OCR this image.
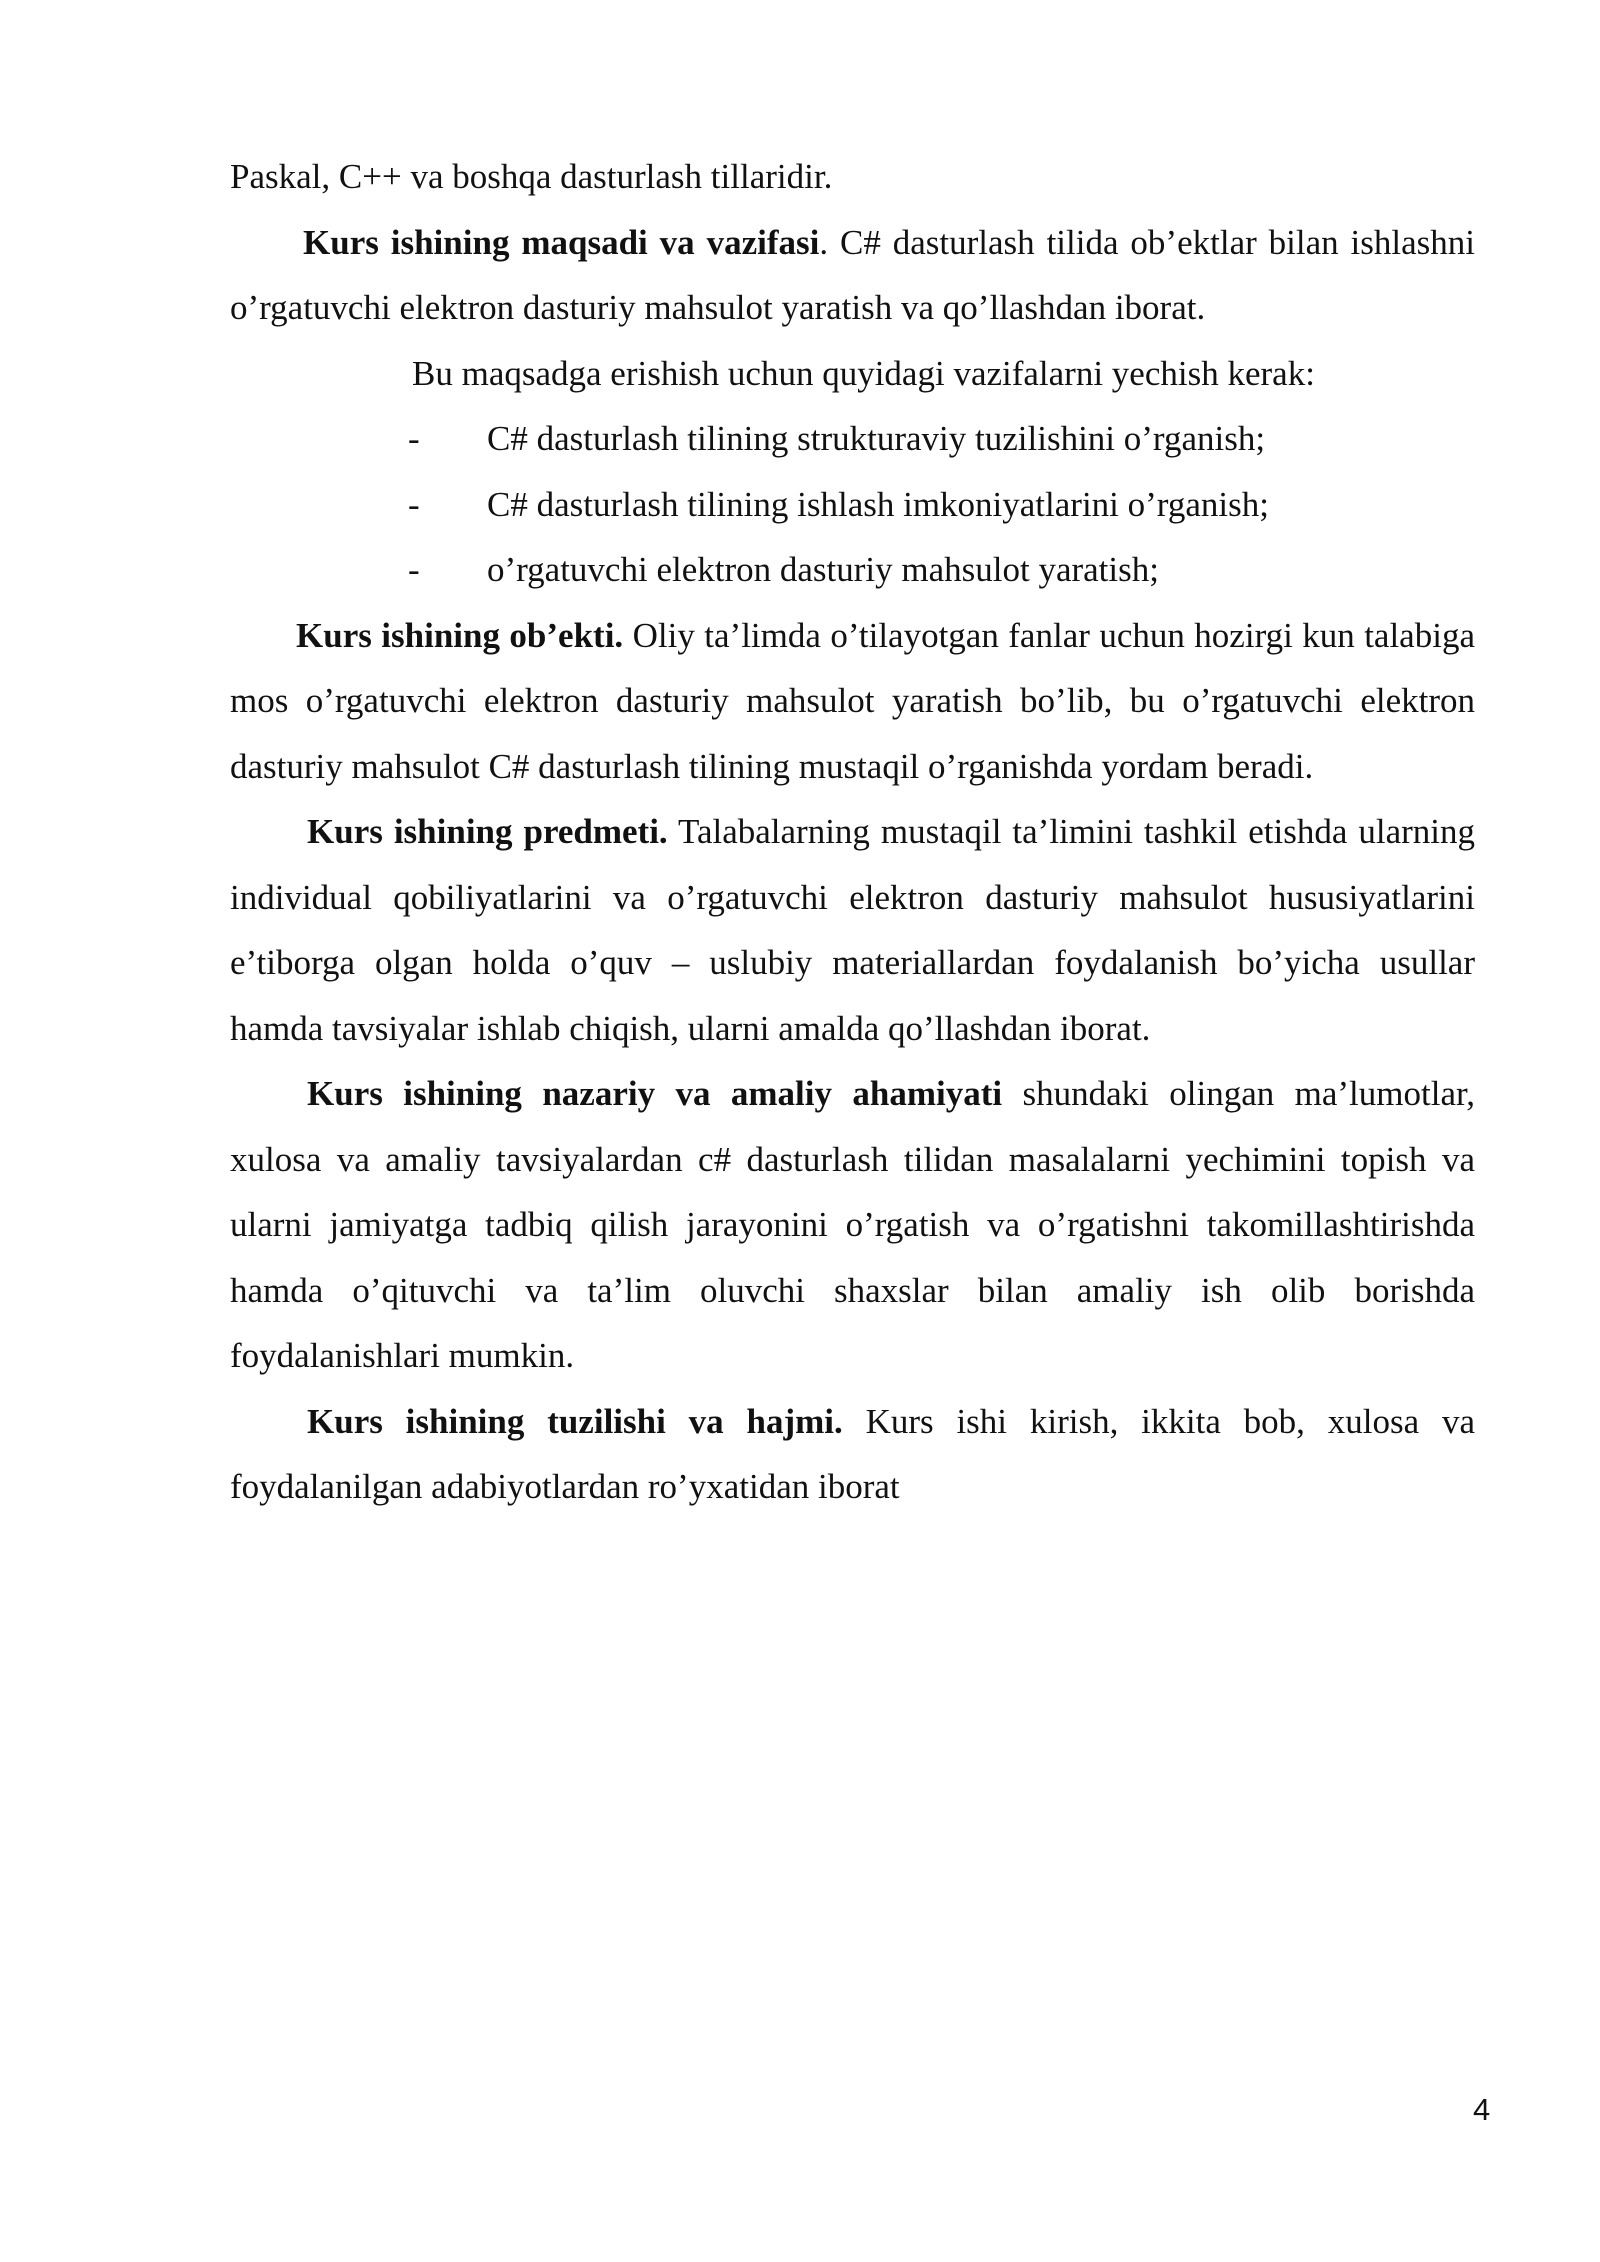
Paskal, C++ va boshqa dasturlash tillaridir.

Kurs ishining maqsadi va vazifasi. C# dasturlash tilida ob’ektlar bilan ishlashni o’rgatuvchi elektron dasturiy mahsulot yaratish va qo’llashdan iborat.

Bu maqsadga erishish uchun quyidagi vazifalarni yechish kerak:

- C# dasturlash tilining strukturaviy tuzilishini o’rganish;
- C# dasturlash tilining ishlash imkoniyatlarini o’rganish;
- o’rgatuvchi elektron dasturiy mahsulot yaratish;

Kurs ishining ob’ekti. Oliy ta’limda o’tilayotgan fanlar uchun hozirgi kun talabiga mos o’rgatuvchi elektron dasturiy mahsulot yaratish bo’lib, bu o’rgatuvchi elektron dasturiy mahsulot C# dasturlash tilining mustaqil o’rganishda yordam beradi.

Kurs ishining predmeti. Talabalarning mustaqil ta’limini tashkil etishda ularning individual qobiliyatlarini va o’rgatuvchi elektron dasturiy mahsulot hususiyatlarini e’tiborga olgan holda o’quv – uslubiy materiallardan foydalanish bo’yicha usullar hamda tavsiyalar ishlab chiqish, ularni amalda qo’llashdan iborat.

Kurs ishining nazariy va amaliy ahamiyati shundaki olingan ma’lumotlar, xulosa va amaliy tavsiyalardan c# dasturlash tilidan masalalarni yechimini topish va ularni jamiyatga tadbiq qilish jarayonini o’rgatish va o’rgatishni takomillashtirishda hamda o’qituvchi va ta’lim oluvchi shaxslar bilan amaliy ish olib borishda foydalanishlari mumkin.

Kurs ishining tuzilishi va hajmi. Kurs ishi kirish, ikkita bob, xulosa va foydalanilgan adabiyotlardan ro’yxatidan iborat

4
